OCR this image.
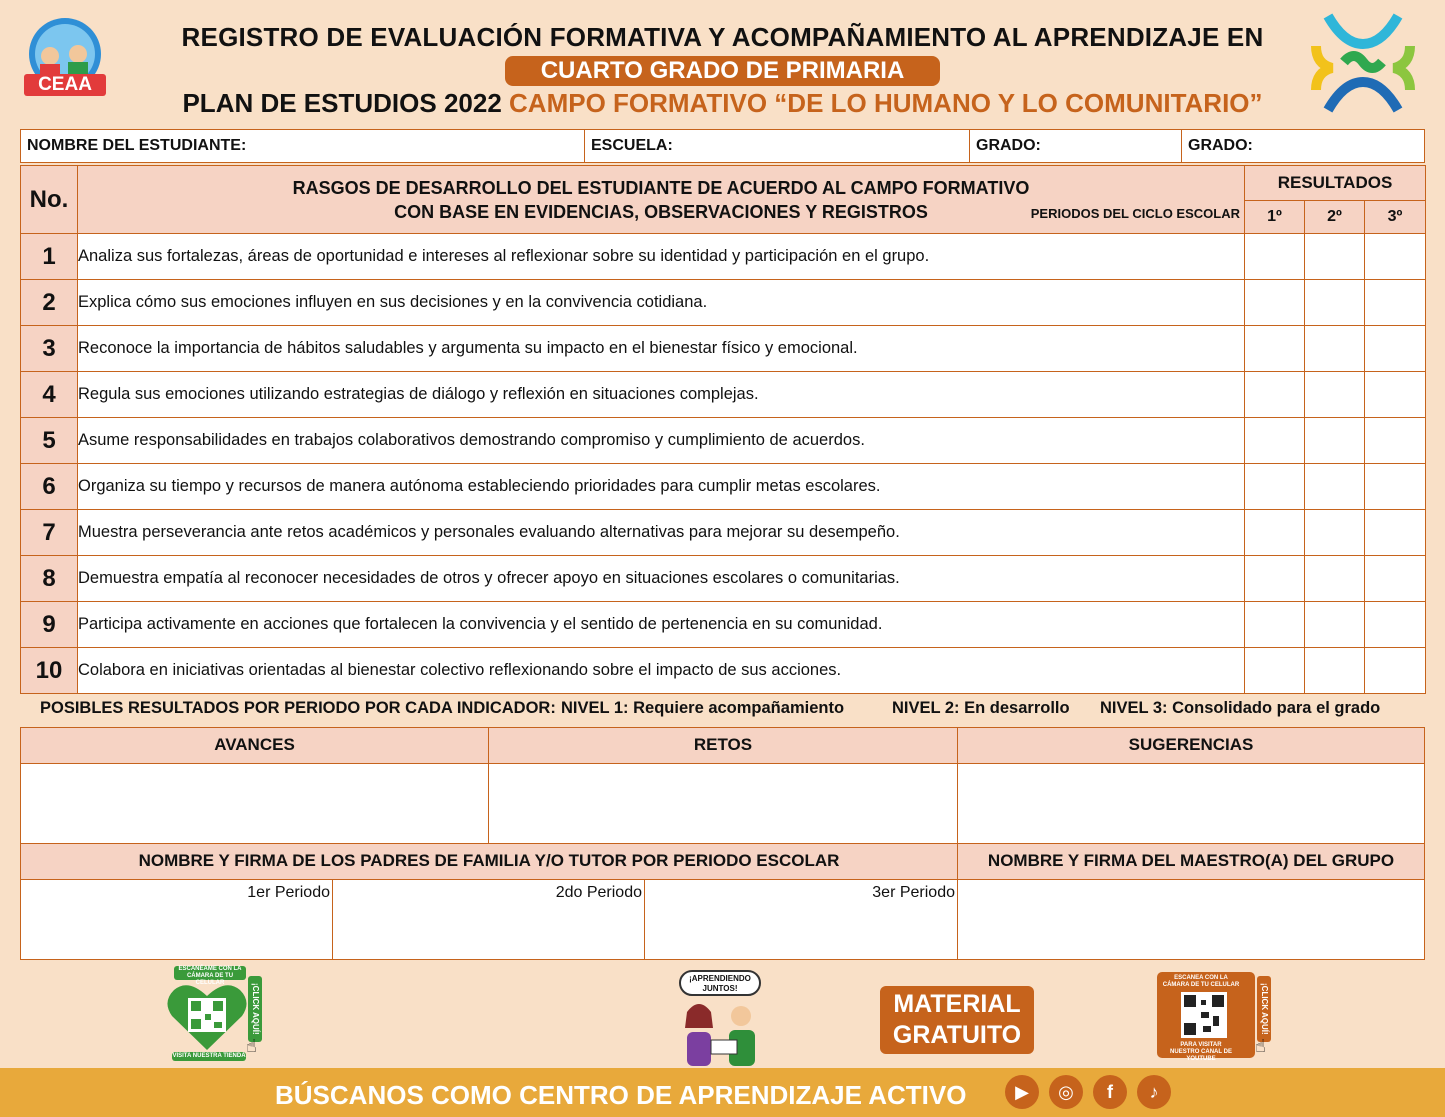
CEAA
REGISTRO DE EVALUACIÓN FORMATIVA Y ACOMPAÑAMIENTO AL APRENDIZAJE EN
CUARTO GRADO DE PRIMARIA
PLAN DE ESTUDIOS 2022 CAMPO FORMATIVO “DE LO HUMANO Y LO COMUNITARIO”
NOMBRE DEL ESTUDIANTE:	ESCUELA:	GRADO:	GRADO:
No.	RASGOS DE DESARROLLO DEL ESTUDIANTE DE ACUERDO AL CAMPO FORMATIVO
CON BASE EN EVIDENCIAS, OBSERVACIONES Y REGISTROS PERIODOS DEL CICLO ESCOLAR	RESULTADOS		
		1º	2º	3º
1	Analiza sus fortalezas, áreas de oportunidad e intereses al reflexionar sobre su identidad y participación en el grupo.			
2	Explica cómo sus emociones influyen en sus decisiones y en la convivencia cotidiana.			
3	Reconoce la importancia de hábitos saludables y argumenta su impacto en el bienestar físico y emocional.			
4	Regula sus emociones utilizando estrategias de diálogo y reflexión en situaciones complejas.			
5	Asume responsabilidades en trabajos colaborativos demostrando compromiso y cumplimiento de acuerdos.			
6	Organiza su tiempo y recursos de manera autónoma estableciendo prioridades para cumplir metas escolares.			
7	Muestra perseverancia ante retos académicos y personales evaluando alternativas para mejorar su desempeño.			
8	Demuestra empatía al reconocer necesidades de otros y ofrecer apoyo en situaciones escolares o comunitarias.			
9	Participa activamente en acciones que fortalecen la convivencia y el sentido de pertenencia en su comunidad.			
10	Colabora en iniciativas orientadas al bienestar colectivo reflexionando sobre el impacto de sus acciones.			
POSIBLES RESULTADOS POR PERIODO POR CADA INDICADOR: NIVEL 1: Requiere acompañamiento	NIVEL 2: En desarrollo NIVEL 3: Consolidado para el grado
AVANCES	RETOS	SUGERENCIAS
NOMBRE Y FIRMA DE LOS PADRES DE FAMILIA Y/O TUTOR POR PERIODO ESCOLAR	NOMBRE Y FIRMA DEL MAESTRO(A) DEL GRUPO
1er Periodo	2do Periodo	3er Periodo
ESCANÉAME CON LA CÁMARA DE TU CELULAR
VISITA NUESTRA TIENDA
¡CLICK AQUÍ!
☝
¡APRENDIENDO JUNTOS!
MATERIAL
GRATUITO
ESCANEA CON LA CÁMARA DE TU CELULAR
PARA VISITAR NUESTRO CANAL DE YOUTUBE
¡CLICK AQUÍ!
☝
BÚSCANOS COMO CENTRO DE APRENDIZAJE ACTIVO	▶	◎	f	♪
